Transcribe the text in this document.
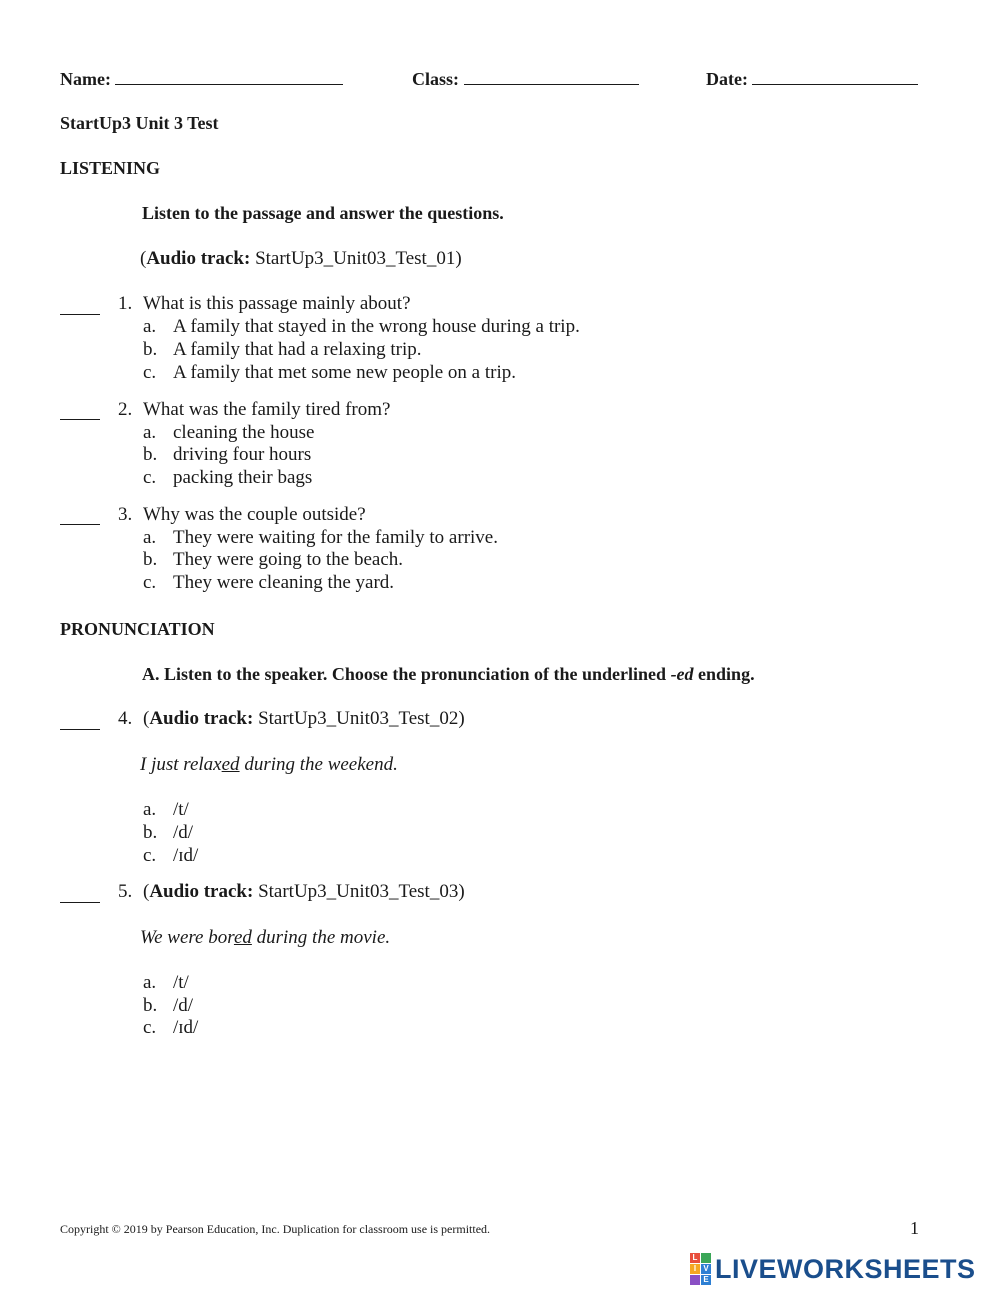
Name:	Class:	Date:
StartUp3 Unit 3 Test
LISTENING
Listen to the passage and answer the questions.
(Audio track: StartUp3_Unit03_Test_01)
1. What is this passage mainly about?
a. A family that stayed in the wrong house during a trip.
b. A family that had a relaxing trip.
c. A family that met some new people on a trip.
2. What was the family tired from?
a. cleaning the house
b. driving four hours
c. packing their bags
3. Why was the couple outside?
a. They were waiting for the family to arrive.
b. They were going to the beach.
c. They were cleaning the yard.
PRONUNCIATION
A. Listen to the speaker. Choose the pronunciation of the underlined -ed ending.
4. (Audio track: StartUp3_Unit03_Test_02)
I just relaxed during the weekend.
a. /t/
b. /d/
c. /ɪd/
5. (Audio track: StartUp3_Unit03_Test_03)
We were bored during the movie.
a. /t/
b. /d/
c. /ɪd/
Copyright © 2019 by Pearson Education, Inc. Duplication for classroom use is permitted.	1
L
I V
E LIVEWORKSHEETS
